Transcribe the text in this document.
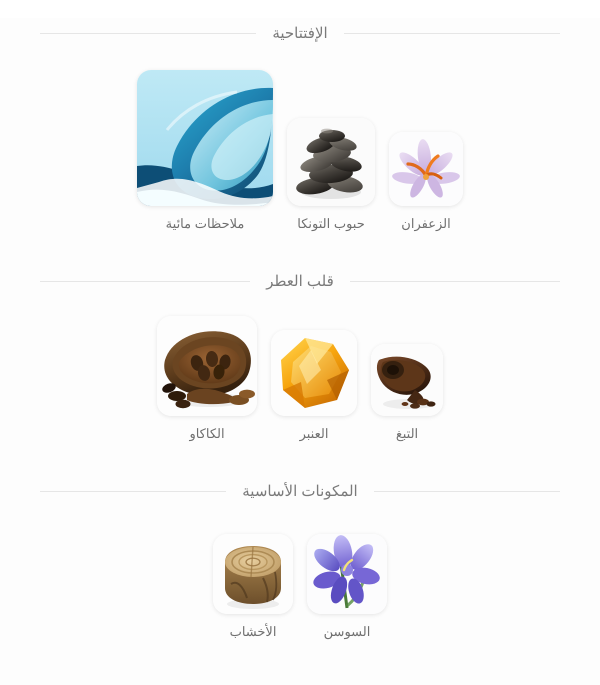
الإفتتاحية
ملاحظات مائية	حبوب التونكا	الزعفران
قلب العطر
الكاكاو	العنبر	التبغ
المكونات الأساسية
الأخشاب	السوسن
